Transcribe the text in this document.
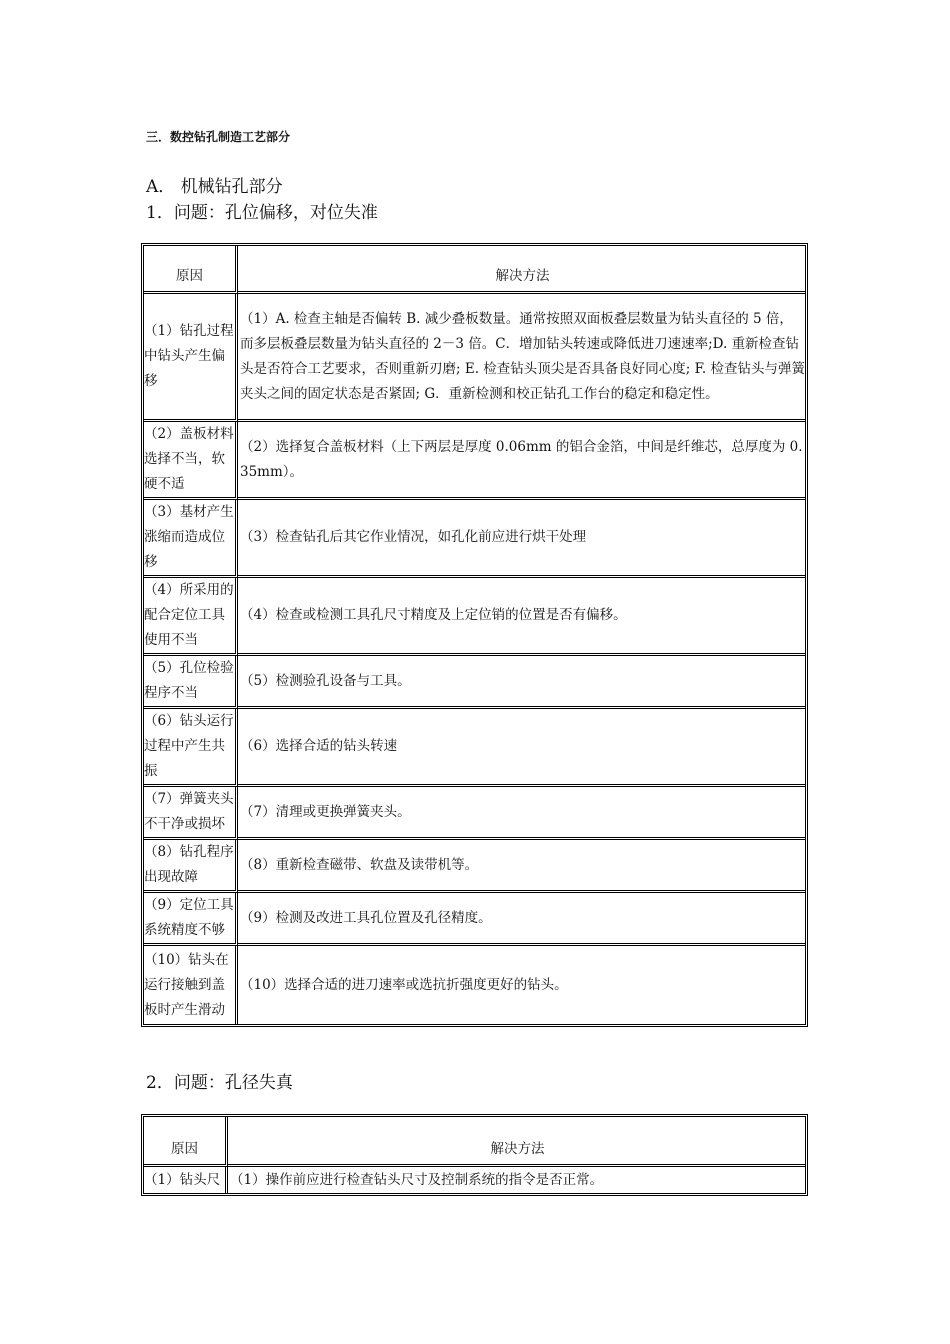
三．数控钻孔制造工艺部分
A． 机械钻孔部分
1．问题：孔位偏移，对位失准
原因	解决方法
（1）钻孔过程中钻头产生偏移	（1）A. 检查主轴是否偏转 B. 减少叠板数量。通常按照双面板叠层数量为钻头直径的 5 倍，而多层板叠层数量为钻头直径的 2－3 倍。C．增加钻头转速或降低进刀速速率;D. 重新检查钻头是否符合工艺要求，否则重新刃磨; E. 检查钻头顶尖是否具备良好同心度; F. 检查钻头与弹簧夹头之间的固定状态是否紧固; G．重新检测和校正钻孔工作台的稳定和稳定性。
（2）盖板材料选择不当，软硬不适	（2）选择复合盖板材料（上下两层是厚度 0.06mm 的铝合金箔，中间是纤维芯，总厚度为 0.35mm）。
（3）基材产生涨缩而造成位移	（3）检查钻孔后其它作业情况，如孔化前应进行烘干处理
（4）所采用的配合定位工具使用不当	（4）检查或检测工具孔尺寸精度及上定位销的位置是否有偏移。
（5）孔位检验程序不当	（5）检测验孔设备与工具。
（6）钻头运行过程中产生共振	（6）选择合适的钻头转速
（7）弹簧夹头不干净或损坏	（7）清理或更换弹簧夹头。
（8）钻孔程序出现故障	（8）重新检查磁带、软盘及读带机等。
（9）定位工具系统精度不够	（9）检测及改进工具孔位置及孔径精度。
（10）钻头在运行接触到盖板时产生滑动	（10）选择合适的进刀速率或选抗折强度更好的钻头。
2．问题：孔径失真
原因	解决方法
（1）钻头尺	（1）操作前应进行检查钻头尺寸及控制系统的指令是否正常。
